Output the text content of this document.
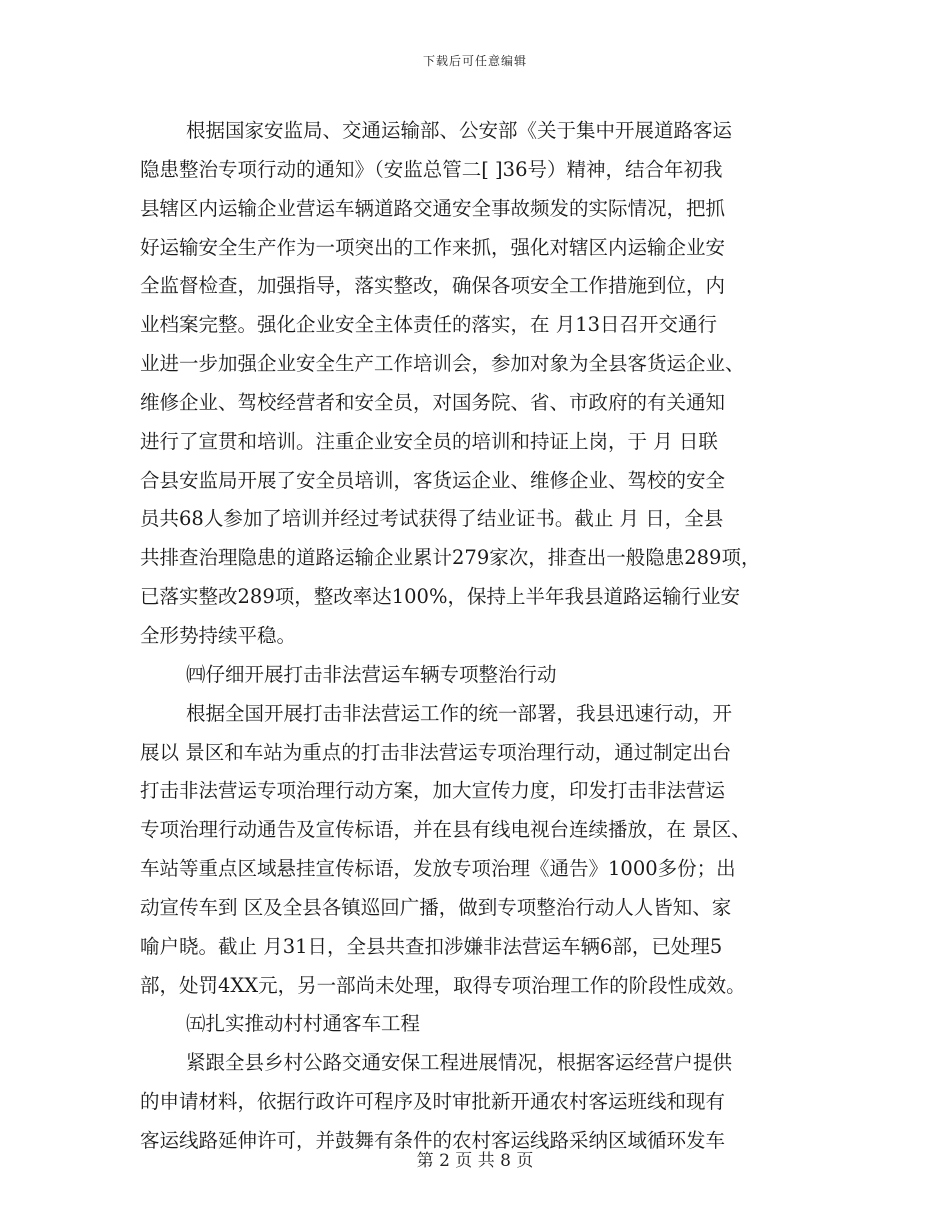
下载后可任意编辑
根据国家安监局、交通运输部、公安部《关于集中开展道路客运
隐患整治专项行动的通知》（安监总管二[ ]36号）精神，结合年初我
县辖区内运输企业营运车辆道路交通安全事故频发的实际情况，把抓
好运输安全生产作为一项突出的工作来抓，强化对辖区内运输企业安
全监督检查，加强指导，落实整改，确保各项安全工作措施到位，内
业档案完整。强化企业安全主体责任的落实，在 月13日召开交通行
业进一步加强企业安全生产工作培训会，参加对象为全县客货运企业、
维修企业、驾校经营者和安全员，对国务院、省、市政府的有关通知
进行了宣贯和培训。注重企业安全员的培训和持证上岗，于 月 日联
合县安监局开展了安全员培训，客货运企业、维修企业、驾校的安全
员共68人参加了培训并经过考试获得了结业证书。截止 月 日，全县
共排查治理隐患的道路运输企业累计279家次，排查出一般隐患289项，
已落实整改289项，整改率达100%，保持上半年我县道路运输行业安
全形势持续平稳。
㈣仔细开展打击非法营运车辆专项整治行动
根据全国开展打击非法营运工作的统一部署，我县迅速行动，开
展以 景区和车站为重点的打击非法营运专项治理行动，通过制定出台
打击非法营运专项治理行动方案，加大宣传力度，印发打击非法营运
专项治理行动通告及宣传标语，并在县有线电视台连续播放，在 景区、
车站等重点区域悬挂宣传标语，发放专项治理《通告》1000多份；出
动宣传车到 区及全县各镇巡回广播，做到专项整治行动人人皆知、家
喻户晓。截止 月31日，全县共查扣涉嫌非法营运车辆6部，已处理5
部，处罚4XX元，另一部尚未处理，取得专项治理工作的阶段性成效。
㈤扎实推动村村通客车工程
紧跟全县乡村公路交通安保工程进展情况，根据客运经营户提供
的申请材料，依据行政许可程序及时审批新开通农村客运班线和现有
客运线路延伸许可，并鼓舞有条件的农村客运线路采纳区域循环发车
第 2 页 共 8 页
